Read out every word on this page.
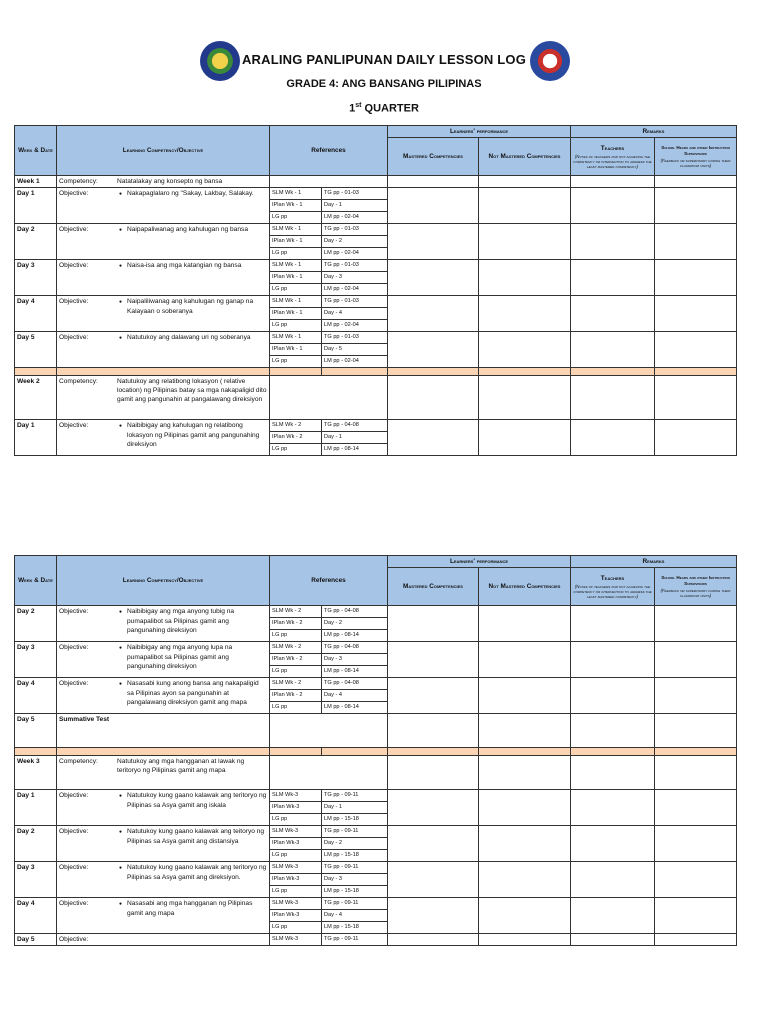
ARALING PANLIPUNAN DAILY LESSON LOG
GRADE 4: ANG BANSANG PILIPINAS
1st QUARTER
Week & Date	Learning Competency/Objective	References		Learners' performance		Remarks	
				Mastered Competencies	Not Mastered Competencies	Teachers
(Notes of teachers for not achieving the competency or intervention to address the least mastered competency)	School Heads and other Instruction Supervisors
(Feedback or supervisory during their classroom visits)

Week 1	Competency: Natatalakay ang konsepto ng bansa						

Day 1	Objective: ● Nakapaglalaro ng "Sakay, Lakbay, Salakay.	SLM Wk - 1	TG pp - 01-03				
		IPlan Wk - 1	Day - 1				
		LG pp	LM pp - 02-04				
Day 2	Objective: ● Naipapaliwanag ang kahulugan ng bansa	SLM Wk - 1	TG pp - 01-03				
		IPlan Wk - 1	Day - 2				
		LG pp	LM pp - 02-04				
Day 3	Objective: ● Naisa-isa ang mga katangian ng bansa	SLM Wk - 1	TG pp - 01-03				
		IPlan Wk - 1	Day - 3				
		LG pp	LM pp - 02-04				
Day 4	Objective: ● Naipaliliwanag ang kahulugan ng ganap na Kalayaan o soberanya	SLM Wk - 1	TG pp - 01-03				
		IPlan Wk - 1	Day - 4				
		LG pp	LM pp - 02-04				
Day 5	Objective: ● Natutukoy ang dalawang uri ng soberanya	SLM Wk - 1	TG pp - 01-03				
		IPlan Wk - 1	Day - 5				
		LG pp	LM pp - 02-04				

Week 2	Competency: Natutukoy ang relatibong lokasyon ( relative location) ng Pilipinas batay sa mga nakapaligid dito gamit ang pangunahin at pangalawang direksiyon						

Day 1	Objective: ● Naibibigay ang kahulugan ng relatibong lokasyon ng Pilipinas gamit ang pangunahing direksiyon	SLM Wk - 2	TG pp - 04-08				
		IPlan Wk - 2	Day - 1				
		LG pp	LM pp - 08-14				
Week & Date	Learning Competency/Objective	References		Learners' performance		Remarks	
				Mastered Competencies	Not Mastered Competencies	Teachers
(Notes of teachers for not achieving the competency or intervention to address the least mastered competency)	School Heads and other Instruction Supervisors
(Feedback or supervisory during their classroom visits)

Day 2	Objective: ● Naibibigay ang mga anyong tubig na pumapalibot sa Pilipinas gamit ang pangunahing direksiyon	SLM Wk - 2	TG pp - 04-08				
		IPlan Wk - 2	Day - 2				
		LG pp	LM pp - 08-14				
Day 3	Objective: ● Naibibigay ang mga anyong lupa na pumapalibot sa Pilipinas gamit ang pangunahing direksiyon	SLM Wk - 2	TG pp - 04-08				
		IPlan Wk - 2	Day - 3				
		LG pp	LM pp - 08-14				
Day 4	Objective: ● Nasasabi kung anong bansa ang nakapaligid sa Pilipinas ayon sa pangunahin at pangalawang direksiyon gamit ang mapa	SLM Wk - 2	TG pp - 04-08				
		IPlan Wk - 2	Day - 4				
		LG pp	LM pp - 08-14				
Day 5	Summative Test						

Week 3	Competency: Natutukoy ang mga hangganan at lawak ng teritoryo ng Pilipinas gamit ang mapa						

Day 1	Objective: ● Natutukoy kung gaano kalawak ang teritoryo ng Pilipinas sa Asya gamit ang iskala	SLM Wk-3	TG pp - 09-11				
		IPlan Wk-3	Day - 1				
		LG pp	LM pp - 15-18				
Day 2	Objective: ● Natutukoy kung gaano kalawak ang teitoryo ng Pilipinas sa Asya gamit ang distansiya	SLM Wk-3	TG pp - 09-11				
		IPlan Wk-3	Day - 2				
		LG pp	LM pp - 15-18				
Day 3	Objective: ● Natutukoy kung gaano kalawak ang teritoryo ng Pilipinas sa Asya gamit ang direksiyon.	SLM Wk-3	TG pp - 09-11				
		IPlan Wk-3	Day - 3				
		LG pp	LM pp - 15-18				
Day 4	Objective: ● Nasasabi ang mga hangganan ng Pilipinas gamit ang mapa	SLM Wk-3	TG pp - 09-11				
		IPlan Wk-3	Day - 4				
		LG pp	LM pp - 15-18				
Day 5	Objective:	SLM Wk-3	TG pp - 09-11				
